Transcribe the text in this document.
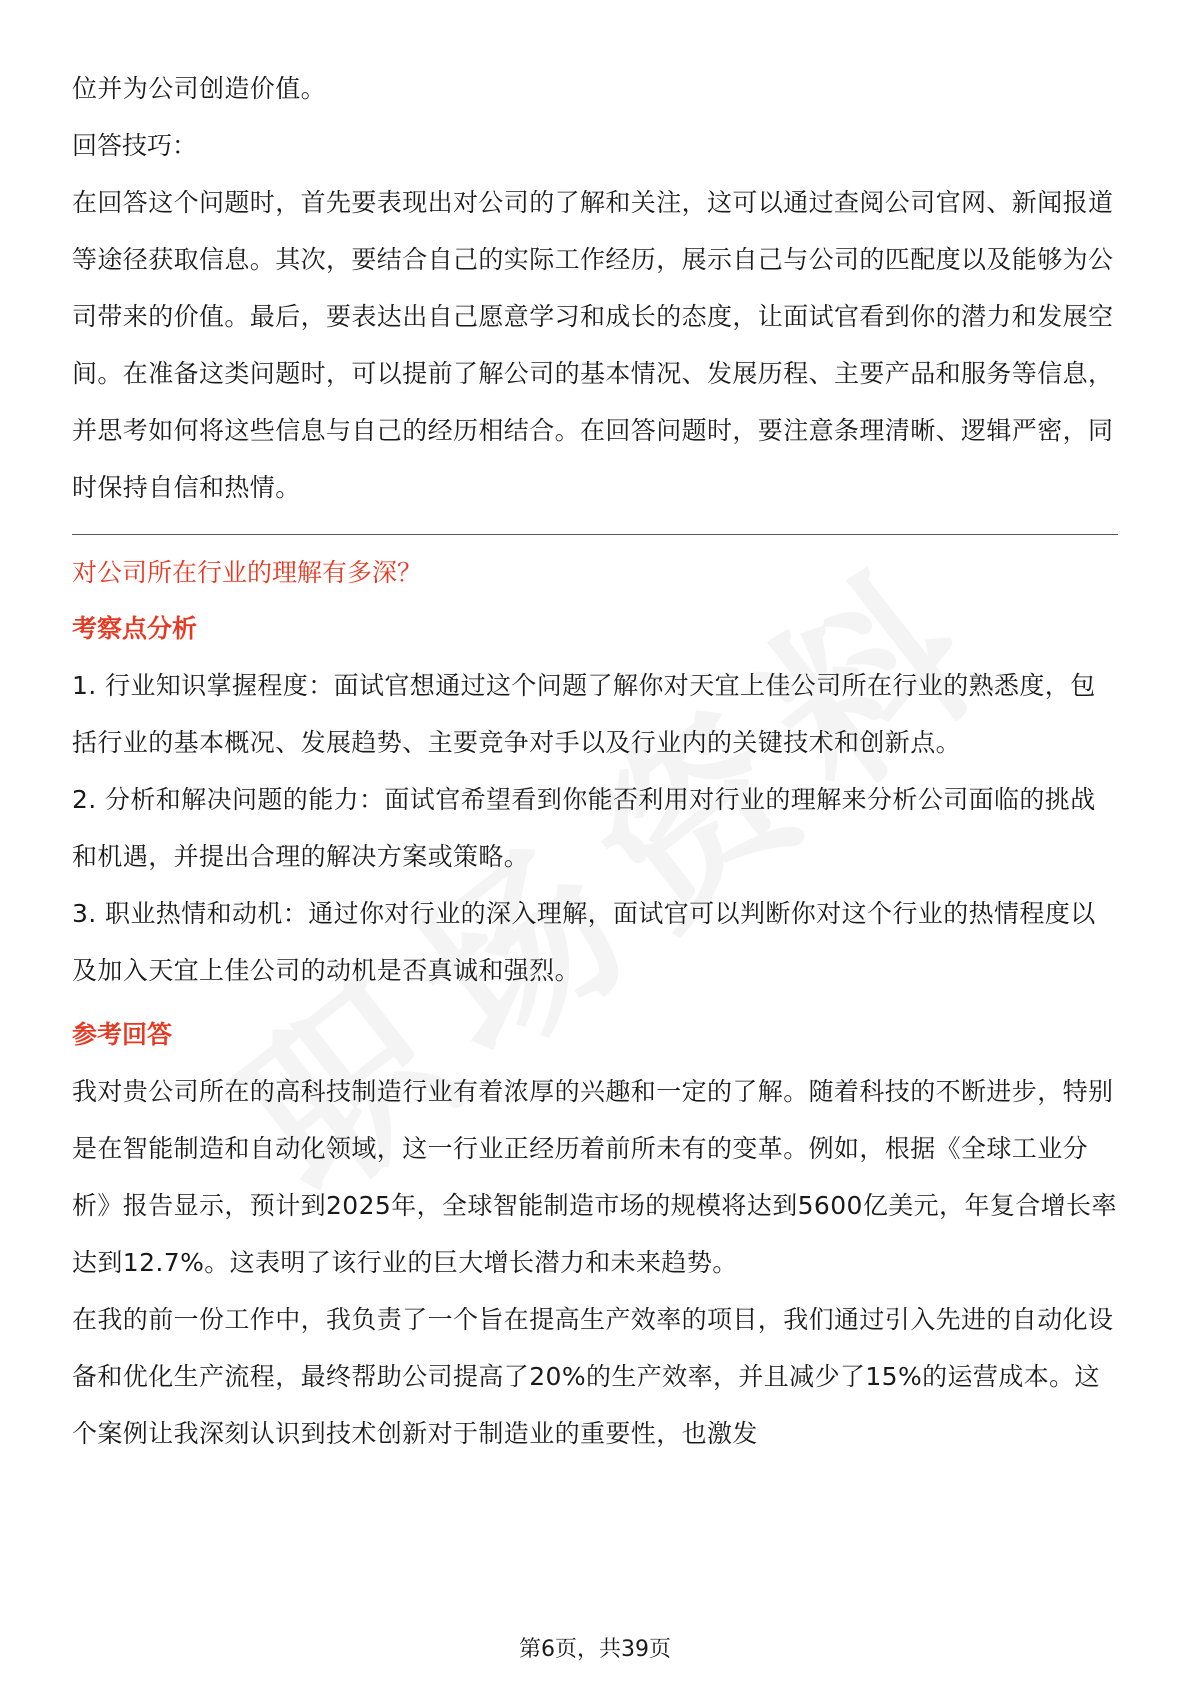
位并为公司创造价值。

回答技巧：

在回答这个问题时，首先要表现出对公司的了解和关注，这可以通过查阅公司官网、新闻报道等途径获取信息。其次，要结合自己的实际工作经历，展示自己与公司的匹配度以及能够为公司带来的价值。最后，要表达出自己愿意学习和成长的态度，让面试官看到你的潜力和发展空间。在准备这类问题时，可以提前了解公司的基本情况、发展历程、主要产品和服务等信息，并思考如何将这些信息与自己的经历相结合。在回答问题时，要注意条理清晰、逻辑严密，同时保持自信和热情。

对公司所在行业的理解有多深？

考察点分析

1. 行业知识掌握程度：面试官想通过这个问题了解你对天宜上佳公司所在行业的熟悉度，包括行业的基本概况、发展趋势、主要竞争对手以及行业内的关键技术和创新点。

2. 分析和解决问题的能力：面试官希望看到你能否利用对行业的理解来分析公司面临的挑战和机遇，并提出合理的解决方案或策略。

3. 职业热情和动机：通过你对行业的深入理解，面试官可以判断你对这个行业的热情程度以及加入天宜上佳公司的动机是否真诚和强烈。

参考回答

我对贵公司所在的高科技制造行业有着浓厚的兴趣和一定的了解。随着科技的不断进步，特别是在智能制造和自动化领域，这一行业正经历着前所未有的变革。例如，根据《全球工业分析》报告显示，预计到2025年，全球智能制造市场的规模将达到5600亿美元，年复合增长率达到12.7%。这表明了该行业的巨大增长潜力和未来趋势。

在我的前一份工作中，我负责了一个旨在提高生产效率的项目，我们通过引入先进的自动化设备和优化生产流程，最终帮助公司提高了20%的生产效率，并且减少了15%的运营成本。这个案例让我深刻认识到技术创新对于制造业的重要性，也激发

第6页，共39页
